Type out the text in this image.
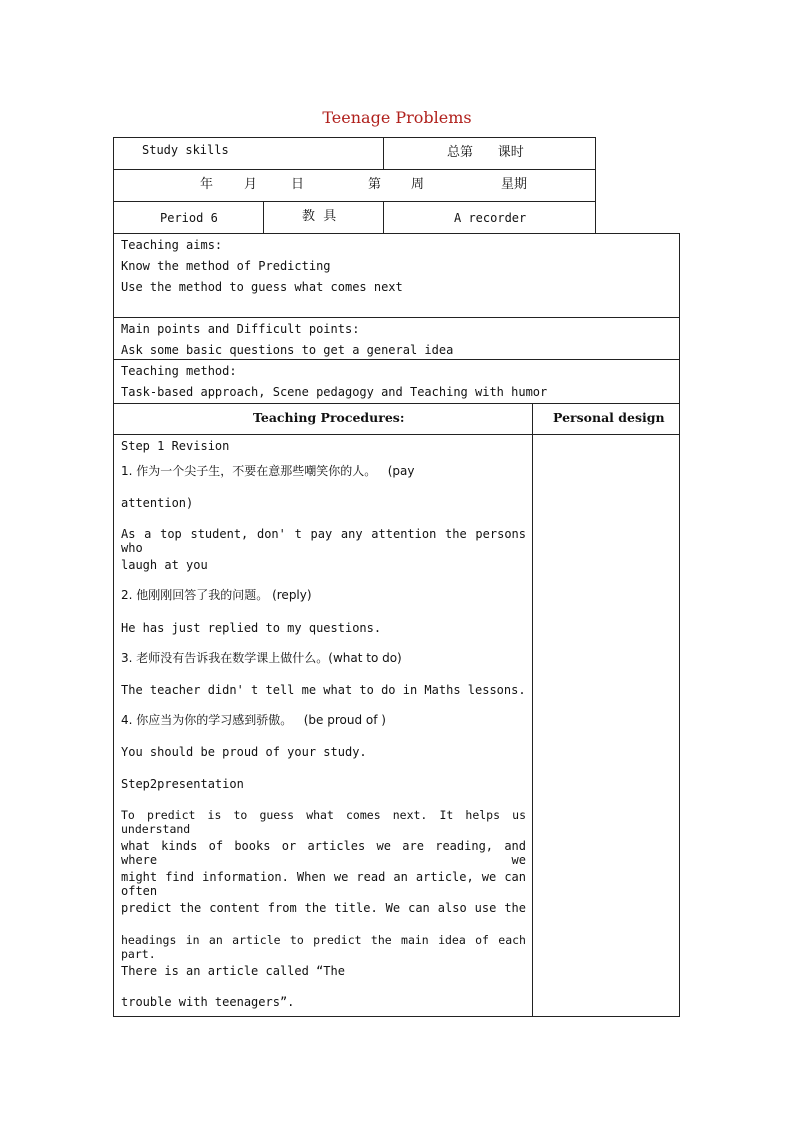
Teenage Problems
Study skills	总第      课时
年 月	日	第 周	星期
Period 6	教  具	A recorder
Teaching aims:
Know the method of Predicting
Use the method to guess what comes next
Main points and Difficult points:
Ask some basic questions to get a general idea
Teaching method:
Task-based approach, Scene pedagogy and Teaching with humor
Teaching Procedures:	Personal design
Step 1 Revision
1. 作为一个尖子生，不要在意那些嘲笑你的人。   (pay
attention)
As a top student, don' t pay any attention the persons who
laugh at you
2. 他刚刚回答了我的问题。 (reply)
He has just replied to my questions.
3. 老师没有告诉我在数学课上做什么。(what to do)
The teacher didn' t tell me what to do in Maths lessons.
4. 你应当为你的学习感到骄傲。   (be proud of )
You should be proud of your study.
Step2presentation
To predict is to guess what comes next. It helps us understand
what kinds of books or articles we are reading, and where we
might find information. When we read an article, we can often
predict the content from the title. We can also use the
headings in an article to predict the main idea of each part.
There is an article called “The
trouble with teenagers”.
